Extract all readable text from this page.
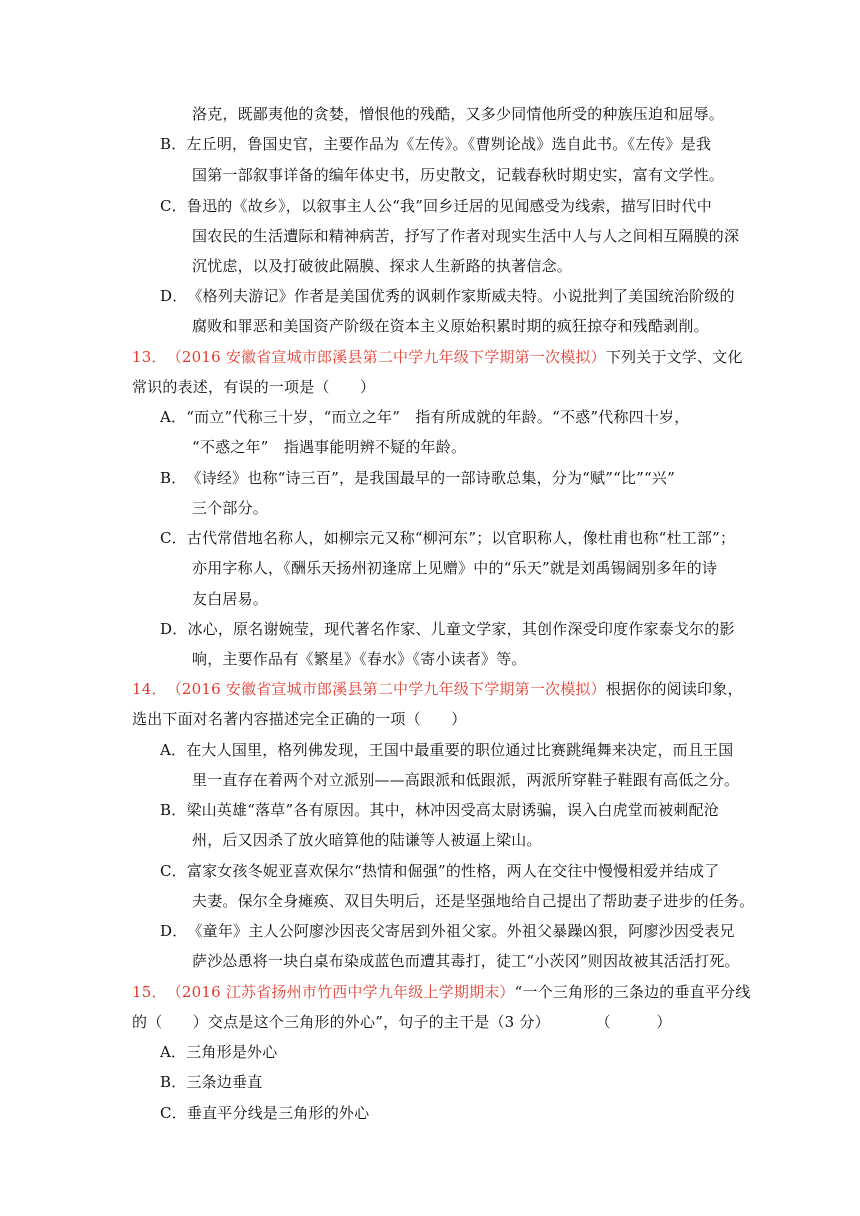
洛克，既鄙夷他的贪婪，憎恨他的残酷，又多少同情他所受的种族压迫和屈辱。
B．左丘明，鲁国史官，主要作品为《左传》。《曹刿论战》选自此书。《左传》是我
国第一部叙事详备的编年体史书，历史散文，记载春秋时期史实，富有文学性。
C．鲁迅的《故乡》，以叙事主人公“我”回乡迁居的见闻感受为线索，描写旧时代中
国农民的生活遭际和精神病苦，抒写了作者对现实生活中人与人之间相互隔膜的深
沉忧虑，以及打破彼此隔膜、探求人生新路的执著信念。
D．《格列夫游记》作者是美国优秀的讽刺作家斯威夫特。小说批判了美国统治阶级的
腐败和罪恶和美国资产阶级在资本主义原始积累时期的疯狂掠夺和残酷剥削。
13．（2016 安徽省宣城市郎溪县第二中学九年级下学期第一次模拟）下列关于文学、文化
常识的表述，有误的一项是（　　）
A．“而立”代称三十岁，“而立之年”　指有所成就的年龄。“不惑”代称四十岁，
“不惑之年”　指遇事能明辨不疑的年龄。
B．《诗经》也称“诗三百”，是我国最早的一部诗歌总集，分为“赋”“比”“兴”
三个部分。
C．古代常借地名称人，如柳宗元又称“柳河东”；以官职称人，像杜甫也称“杜工部”；
亦用字称人，《酬乐天扬州初逢席上见赠》中的“乐天”就是刘禹锡阔别多年的诗
友白居易。
D．冰心，原名谢婉莹，现代著名作家、儿童文学家，其创作深受印度作家泰戈尔的影
响，主要作品有《繁星》《春水》《寄小读者》等。
14．（2016 安徽省宣城市郎溪县第二中学九年级下学期第一次模拟）根据你的阅读印象，
选出下面对名著内容描述完全正确的一项（　　）
A．在大人国里，格列佛发现，王国中最重要的职位通过比赛跳绳舞来决定，而且王国
里一直存在着两个对立派别——高跟派和低跟派，两派所穿鞋子鞋跟有高低之分。
B．梁山英雄“落草”各有原因。其中，林冲因受高太尉诱骗，误入白虎堂而被刺配沧
州，后又因杀了放火暗算他的陆谦等人被逼上梁山。
C．富家女孩冬妮亚喜欢保尔“热情和倔强”的性格，两人在交往中慢慢相爱并结成了
夫妻。保尔全身瘫痪、双目失明后，还是坚强地给自己提出了帮助妻子进步的任务。
D．《童年》主人公阿廖沙因丧父寄居到外祖父家。外祖父暴躁凶狠，阿廖沙因受表兄
萨沙怂恿将一块白桌布染成蓝色而遭其毒打，徒工“小茨冈”则因故被其活活打死。
15．（2016 江苏省扬州市竹西中学九年级上学期期末）“一个三角形的三条边的垂直平分线
的（　　）交点是这个三角形的外心”，句子的主干是（3 分）　　　　（　　　）
A．三角形是外心
B．三条边垂直
C．垂直平分线是三角形的外心
